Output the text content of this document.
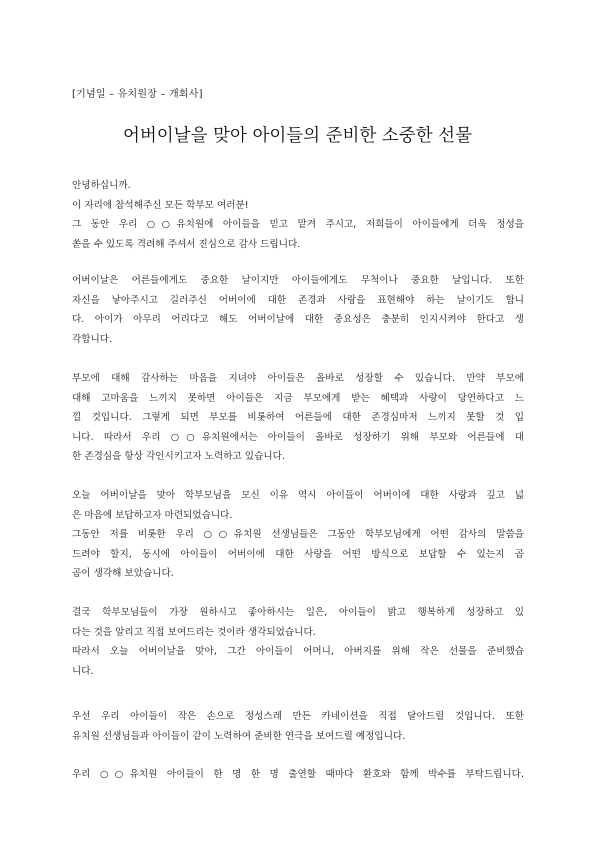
[기념일 – 유치원장 – 개회사]
어버이날을 맞아 아이들의 준비한 소중한 선물
안녕하십니까.
이 자리에 참석해주신 모든 학부모 여러분!
그 동안 우리 ○○유치원에 아이들을 믿고 맡겨 주시고, 저희들이 아이들에게 더욱 정성을
쏟을 수 있도록 격려해 주셔서 진심으로 감사 드립니다.
어버이날은 어른들에게도 중요한 날이지만 아이들에게도 무척이나 중요한 날입니다. 또한
자신을 낳아주시고 길러주신 어버이에 대한 존경과 사랑을 표현해야 하는 날이기도 합니
다. 아이가 아무리 어리다고 해도 어버이날에 대한 중요성은 충분히 인지시켜야 한다고 생
각합니다.
부모에 대해 감사하는 마음을 지녀야 아이들은 올바로 성장할 수 있습니다. 만약 부모에
대해 고마움을 느끼지 못하면 아이들은 지금 부모에게 받는 혜택과 사랑이 당연하다고 느
낄 것입니다. 그렇게 되면 부모를 비롯하여 어른들에 대한 존경심마저 느끼지 못할 것 입
니다. 따라서 우리 ○○유치원에서는 아이들이 올바로 성장하기 위해 부모와 어른들에 대
한 존경심을 항상 각인시키고자 노력하고 있습니다.
오늘 어버이날을 맞아 학부모님을 모신 이유 역시 아이들이 어버이에 대한 사랑과 깊고 넓
은 마음에 보답하고자 마련되었습니다.
그동안 저를 비롯한 우리 ○○유치원 선생님들은 그동안 학부모님에게 어떤 감사의 말씀을
드려야 할지, 동시에 아이들이 어버이에 대한 사랑을 어떤 방식으로 보답할 수 있는지 곰
곰이 생각해 보았습니다.
결국 학부모님들이 가장 원하시고 좋아하시는 일은, 아이들이 밝고 행복하게 성장하고 있
다는 것을 알리고 직접 보여드리는 것이라 생각되었습니다.
따라서 오늘 어버이날을 맞아, 그간 아이들이 어머니, 아버지를 위해 작은 선물을 준비했습
니다.
우선 우리 아이들이 작은 손으로 정성스레 만든 카네이션을 직접 달아드릴 것입니다. 또한
유치원 선생님들과 아이들이 같이 노력하여 준비한 연극을 보여드릴 예정입니다.
우리 ○○유치원 아이들이 한 명 한 명 출연할 때마다 환호와 함께 박수를 부탁드립니다.
